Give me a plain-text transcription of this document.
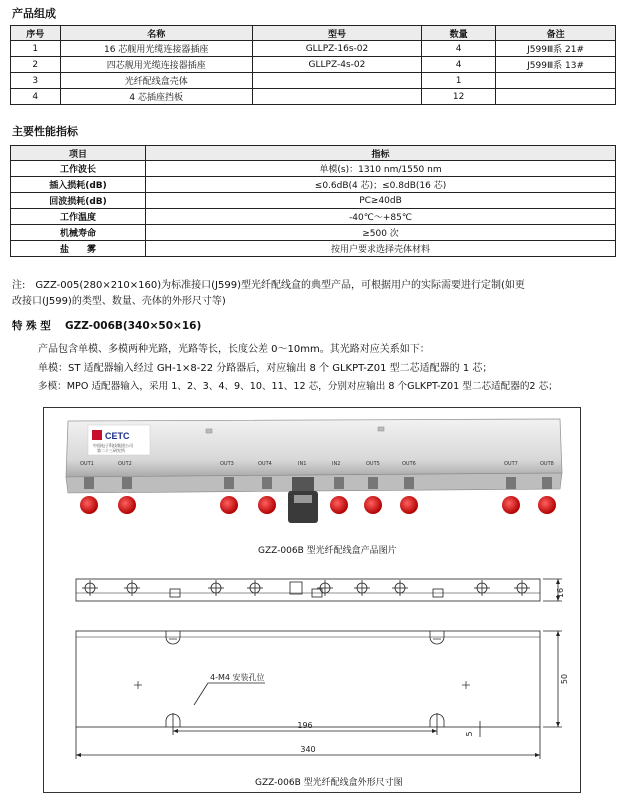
产品组成
序号	名称	型号	数量	备注
1	16 芯舰用光缆连接器插座	GLLPZ-16s-02	4	J599Ⅲ系 21#
2	四芯舰用光缆连接器插座	GLLPZ-4s-02	4	J599Ⅲ系 13#
3	光纤配线盒壳体		1	
4	4 芯插座挡板		12	
主要性能指标
项目	指标
工作波长	单模(s)：1310 nm/1550 nm
插入损耗(dB)	≤0.6dB(4 芯)；≤0.8dB(16 芯)
回波损耗(dB)	PC≥40dB
工作温度	-40℃～+85℃
机械寿命	≥500 次
盐　　雾	按用户要求选择壳体材料
注:　GZZ-005(280×210×160)为标准接口(J599)型光纤配线盒的典型产品，可根据用户的实际需要进行定制(如更
改接口(J599)的类型、数量、壳体的外形尺寸等)
特 殊 型　 GZZ-006B(340×50×16)
产品包含单模、多模两种光路，光路等长，长度公差 0～10mm。其光路对应关系如下：
单模：ST 适配器输入经过 GH-1×8-22 分路器后，对应输出 8 个 GLKPT-Z01 型二芯适配器的 1 芯；
多模：MPO 适配器输入，采用 1、2、3、4、9、10、11、12 芯，分别对应输出 8 个GLKPT-Z01 型二芯适配器的2 芯；
CETC
中国电子科技集团公司
第二十三研究所
OUT1	OUT2	OUT3	OUT4	IN1	IN2	OUT5	OUT6	OUT7	OUT8
GZZ-006B 型光纤配线盒产品图片
16
50
5
196
340
4-M4 安装孔位
GZZ-006B 型光纤配线盒外形尺寸图
